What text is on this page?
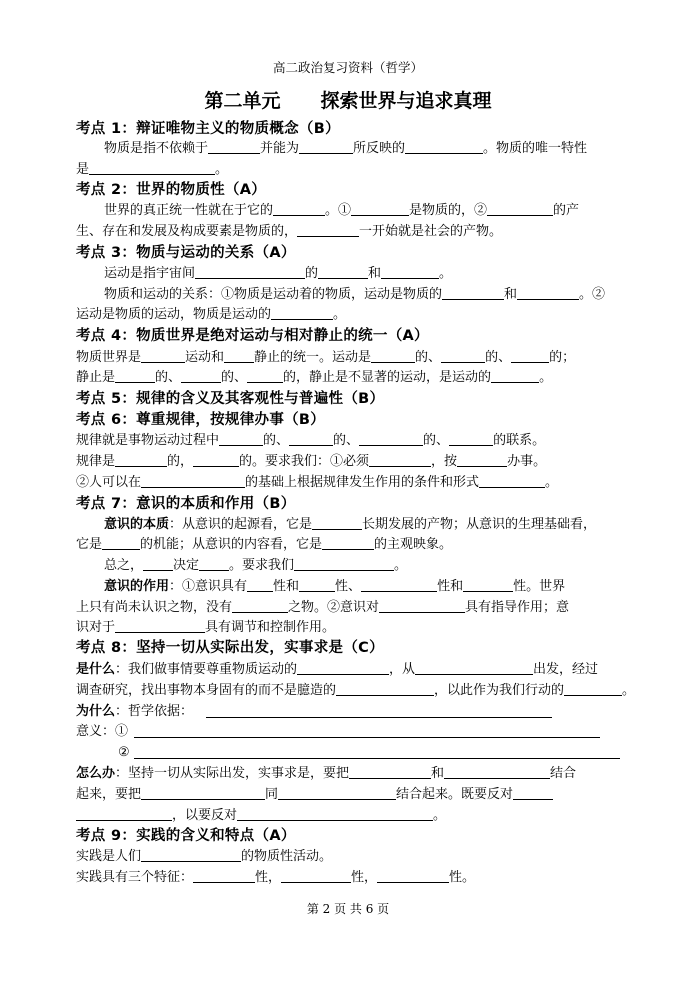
高二政治复习资料（哲学）
第二单元 探索世界与追求真理
考点 1：辩证唯物主义的物质概念（B）
物质是指不依赖于	并能为	所反映的	。物质的唯一特性
是	。
考点 2：世界的物质性（A）
世界的真正统一性就在于它的	。①	是物质的，②	的产
生、存在和发展及构成要素是物质的，	一开始就是社会的产物。
考点 3：物质与运动的关系（A）
运动是指宇宙间	的	和	。
物质和运动的关系：①物质是运动着的物质，运动是物质的	和	。②
运动是物质的运动，物质是运动的	。
考点 4：物质世界是绝对运动与相对静止的统一（A）
物质世界是	运动和 静止的统一。运动是	的、	的、	的；
静止是	的、	的、	的，静止是不显著的运动，是运动的	。
考点 5：规律的含义及其客观性与普遍性（B）
考点 6：尊重规律，按规律办事（B）
规律就是事物运动过程中	的、	的、	的、	的联系。
规律是	的，	的。要求我们：①必须	，按	办事。
②人可以在	的基础上根据规律发生作用的条件和形式	。
考点 7：意识的本质和作用（B）
意识的本质：从意识的起源看，它是	长期发展的产物；从意识的生理基础看，
它是	的机能；从意识的内容看，它是	的主观映象。
总之， 决定 。要求我们	。
意识的作用：①意识具有 性和	性、	性和	性。世界
上只有尚未认识之物，没有	之物。②意识对	具有指导作用；意
识对于	具有调节和控制作用。
考点 8：坚持一切从实际出发，实事求是（C）
是什么：我们做事情要尊重物质运动的	，从	出发，经过
调查研究，找出事物本身固有的而不是臆造的	，以此作为我们行动的	。
为什么：哲学依据：
意义：①
②
怎么办：坚持一切从实际出发，实事求是，要把	和	结合
起来，要把	同	结合起来。既要反对
，以要反对	。
考点 9：实践的含义和特点（A）
实践是人们	的物质性活动。
实践具有三个特征：	性，	性，	性。
第 2 页 共 6 页
